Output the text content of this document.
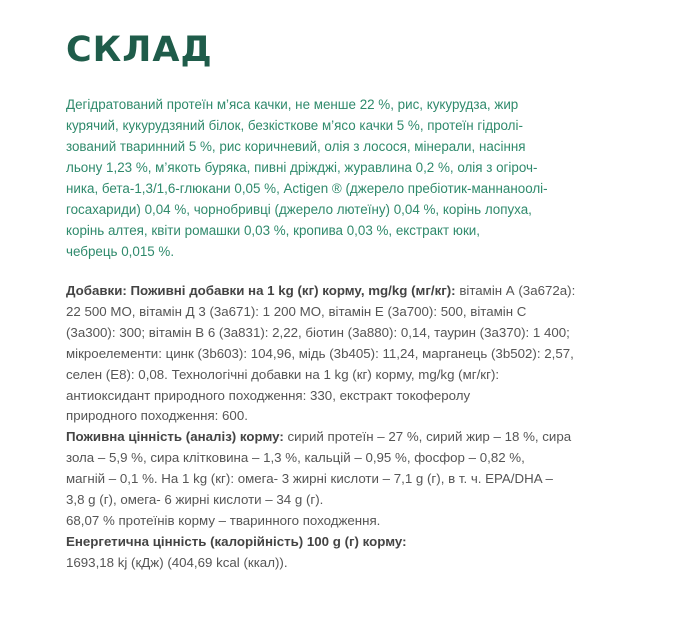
СКЛАД
Дегідратований протеїн м’яса качки, не менше 22 %, рис, кукурудза, жир
курячий, кукурудзяний білок, безкісткове м’ясо качки 5 %, протеїн гідролі-
зований тваринний 5 %, рис коричневий, олія з лосося, мінерали, насіння
льону 1,23 %, м’якоть буряка, пивні дріжджі, журавлина 0,2 %, олія з огіроч-
ника, бета-1,3/1,6-глюкани 0,05 %, Actigen ® (джерело пребіотик-маннаноолі-
госахариди) 0,04 %, чорнобривці (джерело лютеїну) 0,04 %, корінь лопуха,
корінь алтея, квіти ромашки 0,03 %, кропива 0,03 %, екстракт юки,
чебрець 0,015 %.
Добавки: Поживні добавки на 1 kg (кг) корму, mg/kg (мг/кг): вітамін А (3а672а):
22 500 МО, вітамін Д 3 (3а671): 1 200 МО, вітамін Е (3а700): 500, вітамін С
(3а300): 300; вітамін В 6 (3а831): 2,22, біотин (3а880): 0,14, таурин (3а370): 1 400;
мікроелементи: цинк (3b603): 104,96, мідь (3b405): 11,24, марганець (3b502): 2,57,
селен (Е8): 0,08. Технологічні добавки на 1 kg (кг) корму, mg/kg (мг/кг):
антиоксидант природного походження: 330, екстракт токоферолу
природного походження: 600.
Поживна цінність (аналіз) корму: сирий протеїн – 27 %, сирий жир – 18 %, сира
зола – 5,9 %, сира клітковина – 1,3 %, кальцій – 0,95 %, фосфор – 0,82 %,
магній – 0,1 %. На 1 kg (кг): омега- 3 жирні кислоти – 7,1 g (г), в т. ч. EPA/DHA –
3,8 g (г), омега- 6 жирні кислоти – 34 g (г).
68,07 % протеїнів корму – тваринного походження.
Енергетична цінність (калорійність) 100 g (г) корму:
1693,18 kj (кДж) (404,69 kcal (ккал)).
